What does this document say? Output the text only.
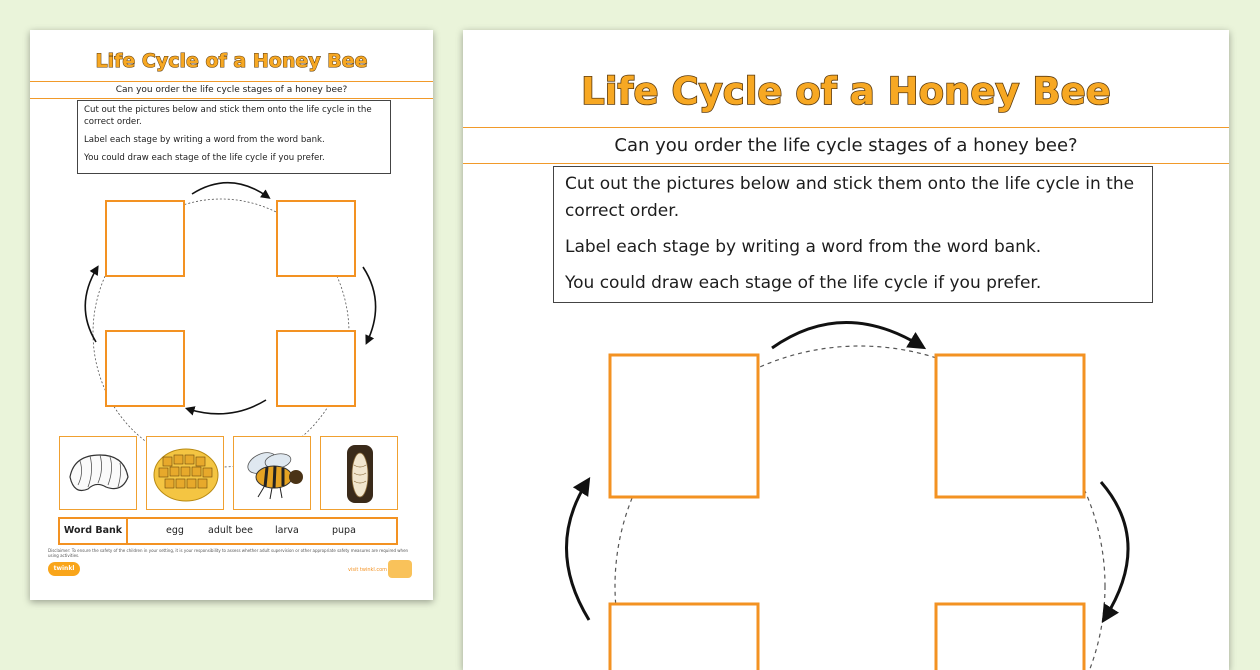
Life Cycle of a Honey Bee
Can you order the life cycle stages of a honey bee?

Cut out the pictures below and stick them onto the life cycle in the correct order.

Label each stage by writing a word from the word bank.

You could draw each stage of the life cycle if you prefer.

Word Bank	egg	adult bee larva	pupa
Disclaimer: To ensure the safety of the children in your setting, it is your responsibility to assess whether adult supervision or other appropriate safety measures are required when using activities.
twinkl	visit twinkl.com
Life Cycle of a Honey Bee
Can you order the life cycle stages of a honey bee?

Cut out the pictures below and stick them onto the life cycle in the correct order.

Label each stage by writing a word from the word bank.

You could draw each stage of the life cycle if you prefer.
